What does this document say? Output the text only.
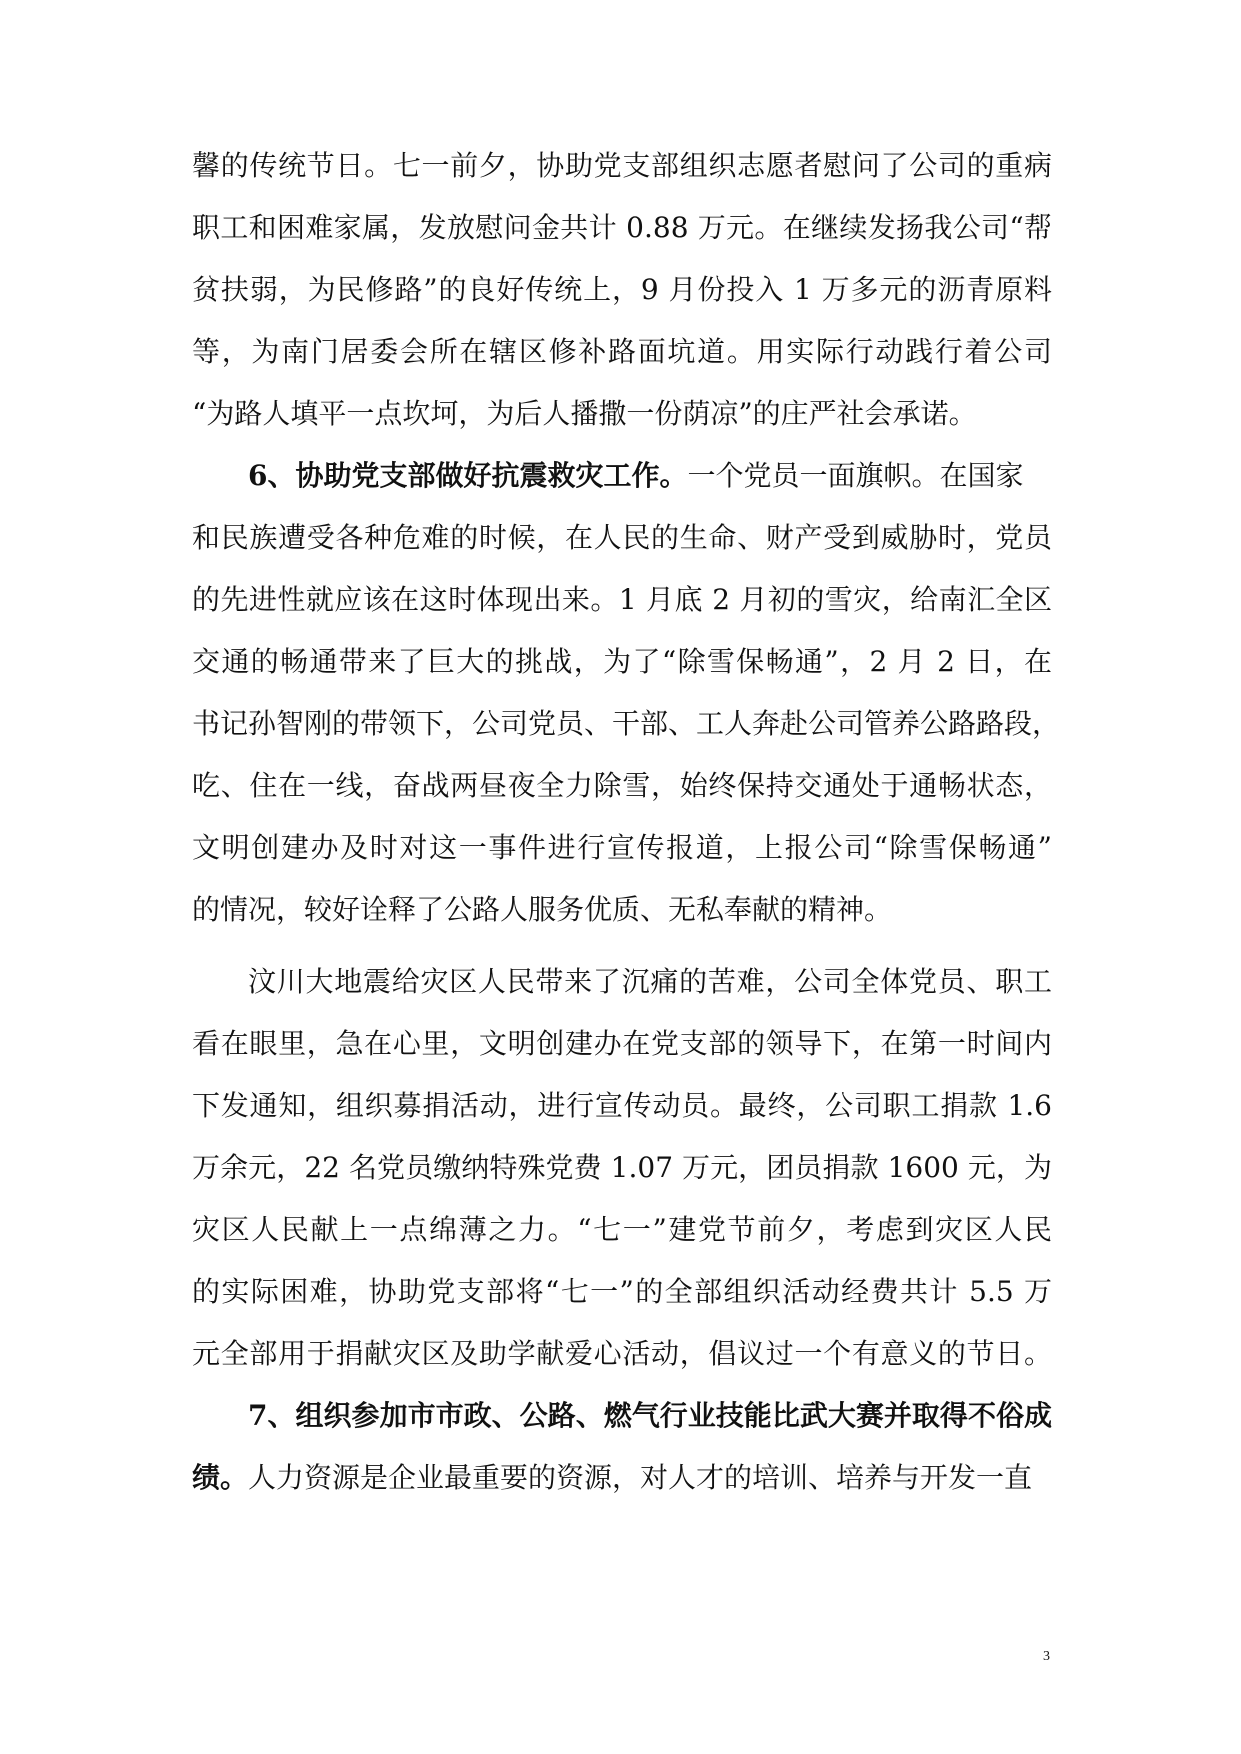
馨的传统节日。七一前夕，协助党支部组织志愿者慰问了公司的重病
职工和困难家属，发放慰问金共计 0.88 万元。在继续发扬我公司“帮
贫扶弱，为民修路”的良好传统上，9 月份投入 1 万多元的沥青原料
等，为南门居委会所在辖区修补路面坑道。用实际行动践行着公司
“为路人填平一点坎坷，为后人播撒一份荫凉”的庄严社会承诺。
6、协助党支部做好抗震救灾工作。一个党员一面旗帜。在国家
和民族遭受各种危难的时候，在人民的生命、财产受到威胁时，党员
的先进性就应该在这时体现出来。1 月底 2 月初的雪灾，给南汇全区
交通的畅通带来了巨大的挑战，为了“除雪保畅通”，2 月 2 日，在
书记孙智刚的带领下，公司党员、干部、工人奔赴公司管养公路路段，
吃、住在一线，奋战两昼夜全力除雪，始终保持交通处于通畅状态，
文明创建办及时对这一事件进行宣传报道，上报公司“除雪保畅通”
的情况，较好诠释了公路人服务优质、无私奉献的精神。
汶川大地震给灾区人民带来了沉痛的苦难，公司全体党员、职工
看在眼里，急在心里，文明创建办在党支部的领导下，在第一时间内
下发通知，组织募捐活动，进行宣传动员。最终，公司职工捐款 1.6
万余元，22 名党员缴纳特殊党费 1.07 万元，团员捐款 1600 元，为
灾区人民献上一点绵薄之力。“七一”建党节前夕，考虑到灾区人民
的实际困难，协助党支部将“七一”的全部组织活动经费共计 5.5 万
元全部用于捐献灾区及助学献爱心活动，倡议过一个有意义的节日。
7、组织参加市市政、公路、燃气行业技能比武大赛并取得不俗成
绩。人力资源是企业最重要的资源，对人才的培训、培养与开发一直
3
